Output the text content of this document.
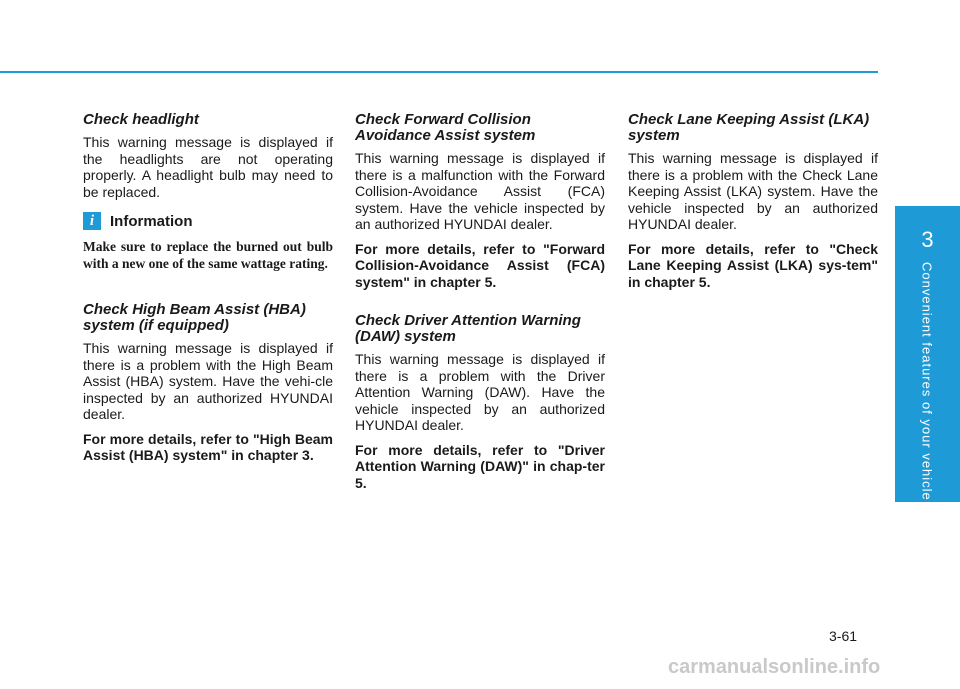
3
Convenient features of your vehicle
Check headlight

This warning message is displayed if the headlights are not operating properly. A headlight bulb may need to be replaced.

i	Information

Make sure to replace the burned out bulb with a new one of the same wattage rating.

Check High Beam Assist (HBA) system (if equipped)

This warning message is displayed if there is a problem with the High Beam Assist (HBA) system. Have the vehi-cle inspected by an authorized HYUNDAI dealer.

For more details, refer to "High Beam Assist (HBA) system" in chapter 3.

Check Forward Collision Avoidance Assist system

This warning message is displayed if there is a malfunction with the Forward Collision-Avoidance Assist (FCA) system. Have the vehicle inspected by an authorized HYUNDAI dealer.

For more details, refer to "Forward Collision-Avoidance Assist (FCA) system" in chapter 5.

Check Driver Attention Warning (DAW) system

This warning message is displayed if there is a problem with the Driver Attention Warning (DAW). Have the vehicle inspected by an authorized HYUNDAI dealer.

For more details, refer to "Driver Attention Warning (DAW)" in chap-ter 5.

Check Lane Keeping Assist (LKA) system

This warning message is displayed if there is a problem with the Check Lane Keeping Assist (LKA) system. Have the vehicle inspected by an authorized HYUNDAI dealer.

For more details, refer to "Check Lane Keeping Assist (LKA) sys-tem" in chapter 5.

3-61
carmanualsonline.info
